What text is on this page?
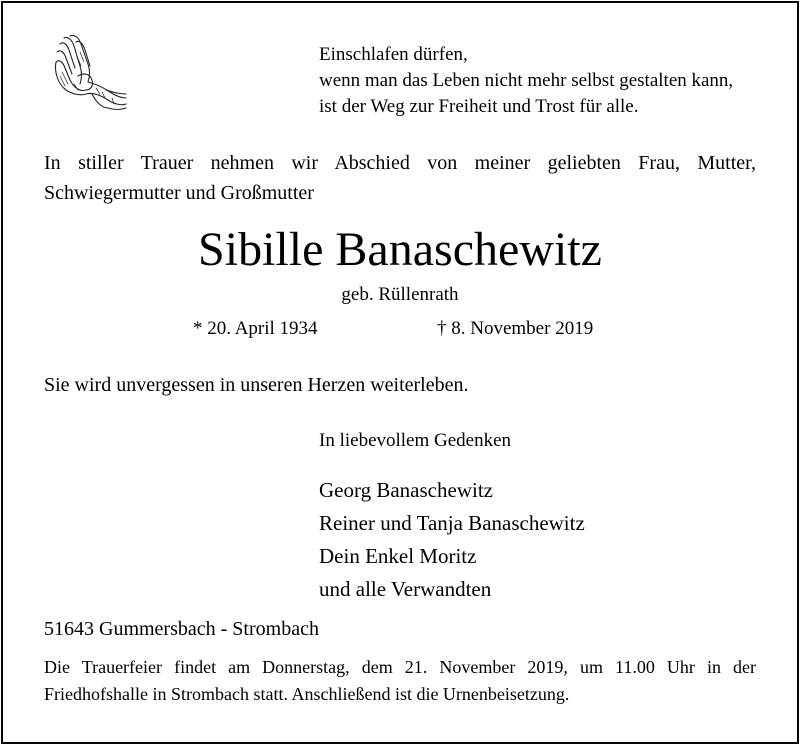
Einschlafen dürfen,
wenn man das Leben nicht mehr selbst gestalten kann,
ist der Weg zur Freiheit und Trost für alle.
In stiller Trauer nehmen wir Abschied von meiner geliebten Frau, Mutter, Schwiegermutter und Großmutter
Sibille Banaschewitz
geb. Rüllenrath
* 20. April 1934	† 8. November 2019
Sie wird unvergessen in unseren Herzen weiterleben.
In liebevollem Gedenken
Georg Banaschewitz
Reiner und Tanja Banaschewitz
Dein Enkel Moritz
und alle Verwandten
51643 Gummersbach - Strombach
Die Trauerfeier findet am Donnerstag, dem 21. November 2019, um 11.00 Uhr in der Friedhofshalle in Strombach statt. Anschließend ist die Urnenbeisetzung.
